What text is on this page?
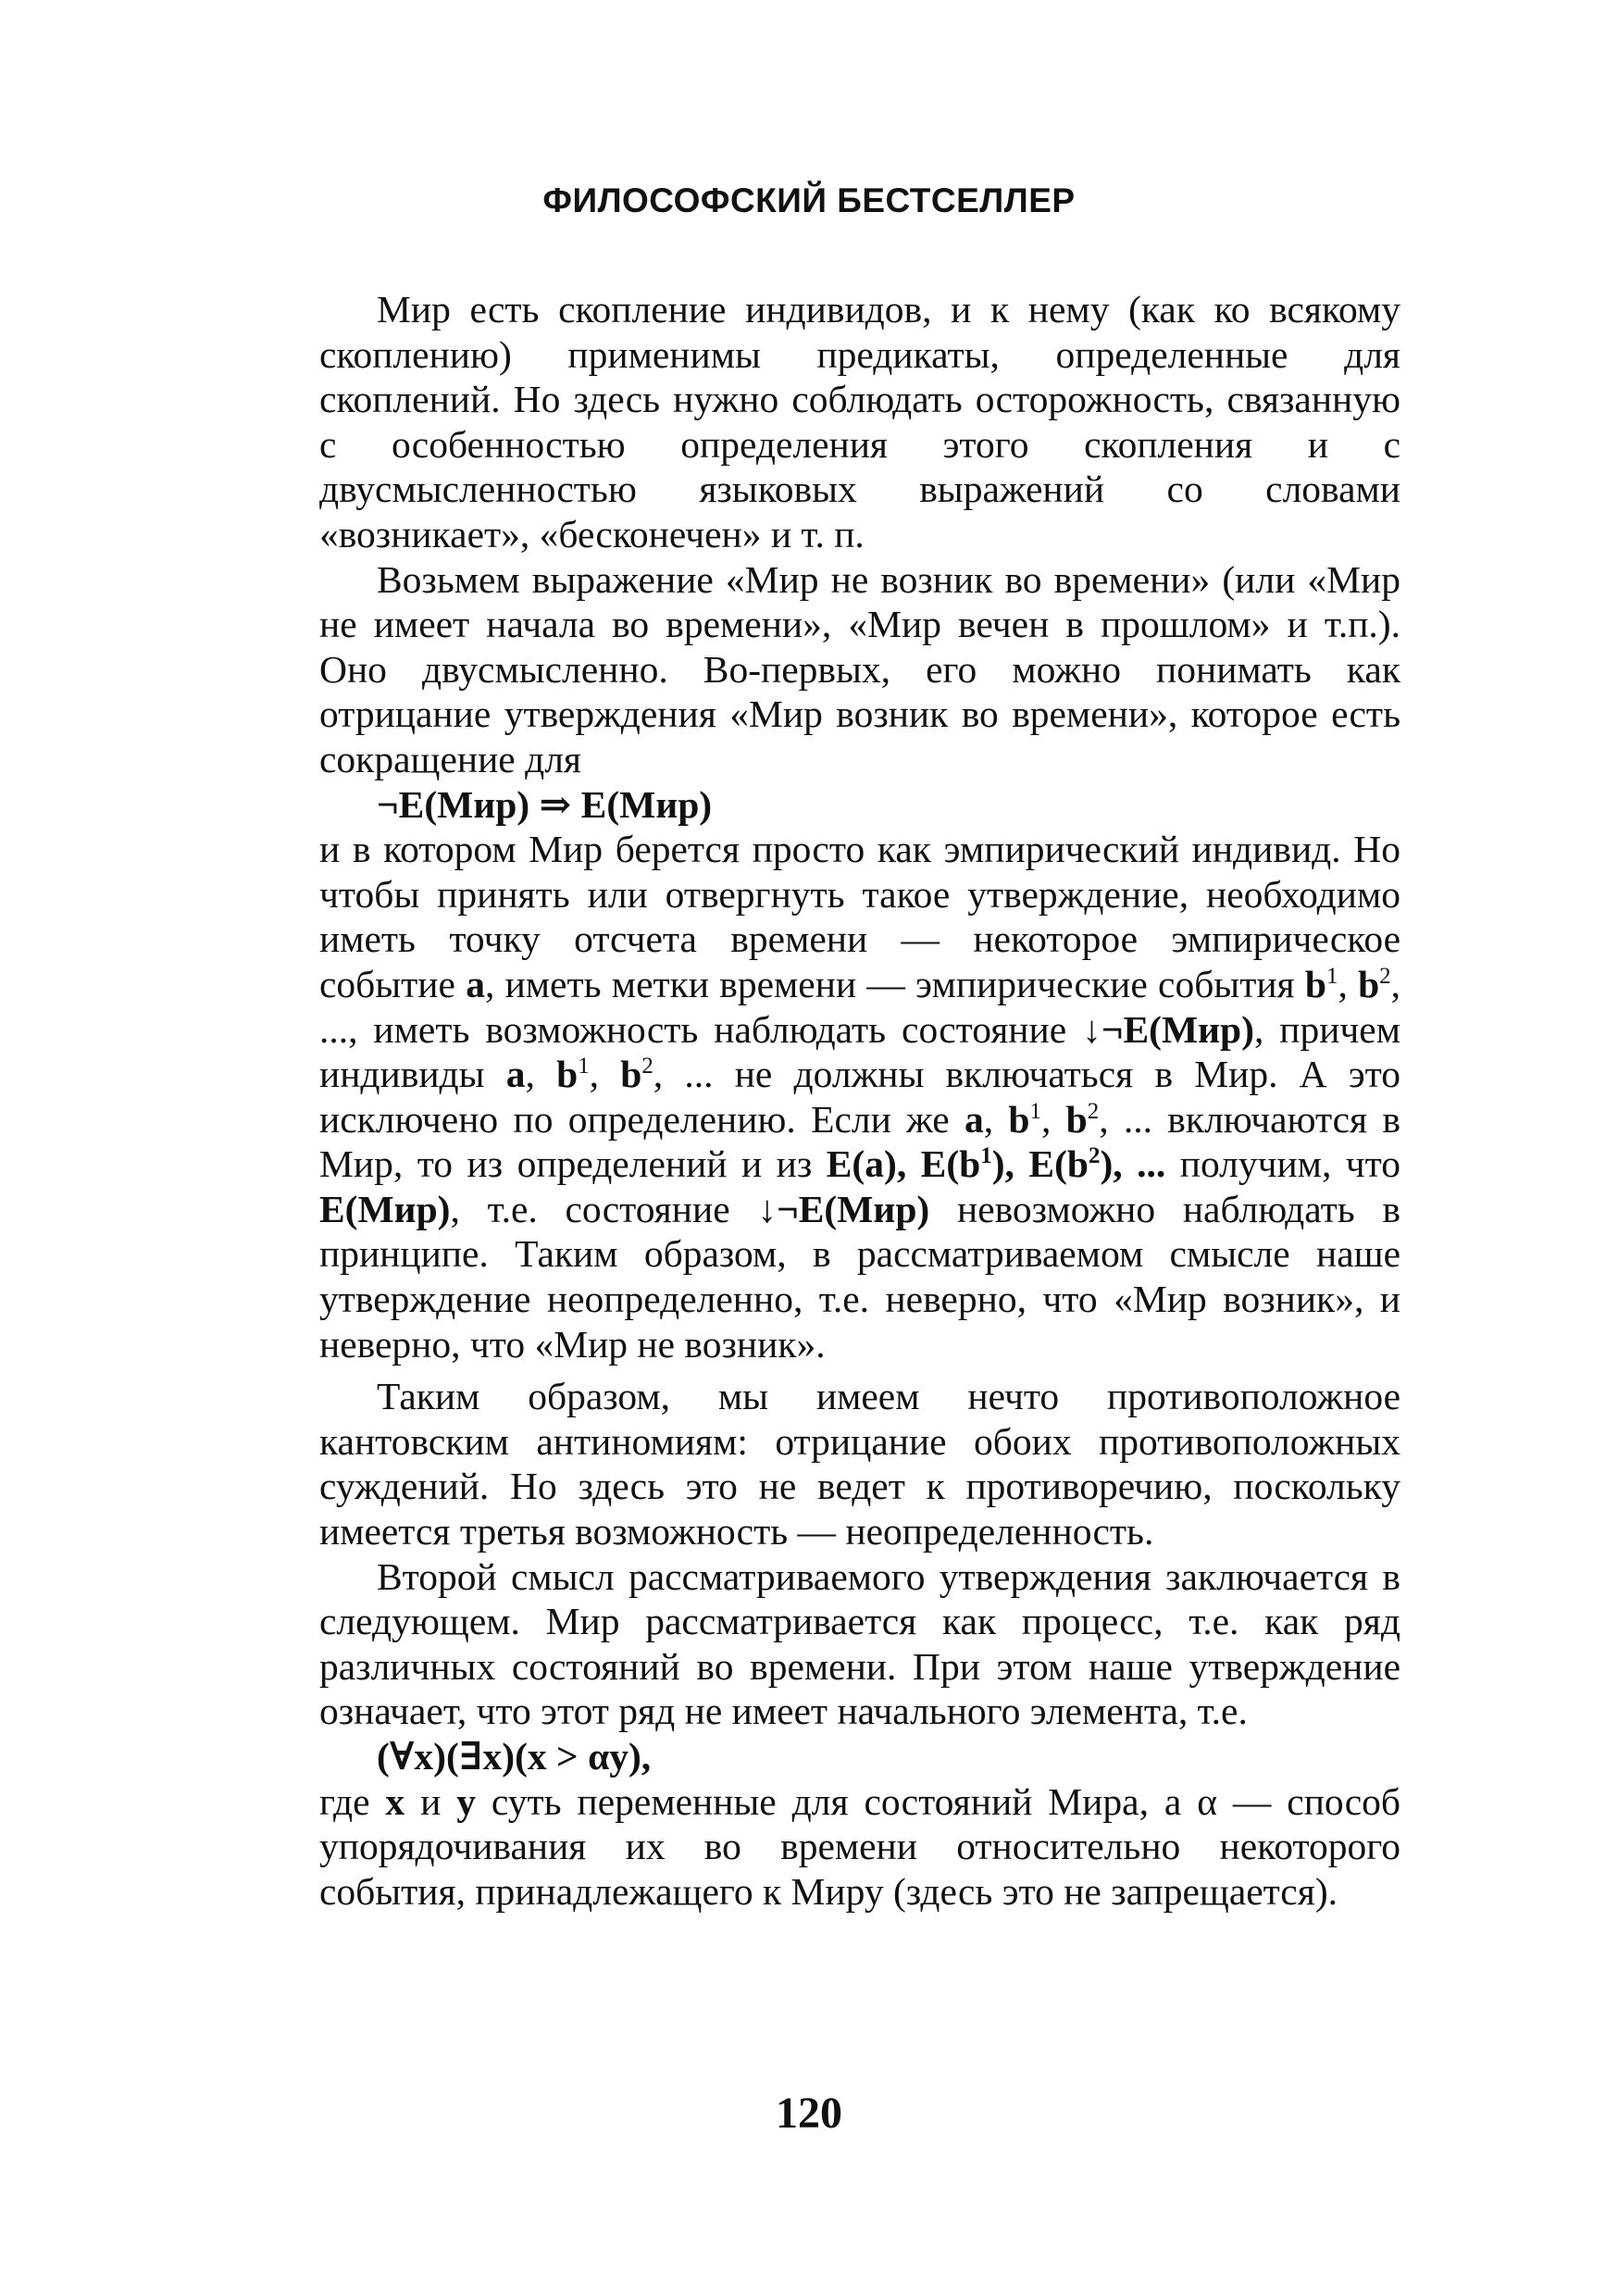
ФИЛОСОФСКИЙ БЕСТСЕЛЛЕР

Мир есть скопление индивидов, и к нему (как ко всякому скоплению) применимы предикаты, определенные для скоплений. Но здесь нужно соблюдать осторожность, связанную с особенностью определения этого скопления и с двусмысленностью языковых выражений со словами «возникает», «бесконечен» и т. п.

Возьмем выражение «Мир не возник во времени» (или «Мир не имеет начала во времени», «Мир вечен в прошлом» и т.п.). Оно двусмысленно. Во-первых, его можно понимать как отрицание утверждения «Мир возник во времени», которое есть сокращение для

¬E(Мир) ⇒ E(Мир)

и в котором Мир берется просто как эмпирический индивид. Но чтобы принять или отвергнуть такое утверждение, необходимо иметь точку отсчета времени — некоторое эмпирическое событие a, иметь метки времени — эмпирические события $b^1$, $b^2$, ..., иметь возможность наблюдать состояние ↓¬E(Мир), причем индивиды a, $b^1$, $b^2$, ... не должны включаться в Мир. А это исключено по определению. Если же a, $b^1$, $b^2$, ... включаются в Мир, то из определений и из E(a), $E(b^1)$, $E(b^2)$, ... получим, что E(Мир), т.е. состояние ↓¬E(Мир) невозможно наблюдать в принципе. Таким образом, в рассматриваемом смысле наше утверждение неопределенно, т.е. неверно, что «Мир возник», и неверно, что «Мир не возник».

Таким образом, мы имеем нечто противоположное кантовским антиномиям: отрицание обоих противоположных суждений. Но здесь это не ведет к противоречию, поскольку имеется третья возможность — неопределенность.

Второй смысл рассматриваемого утверждения заключается в следующем. Мир рассматривается как процесс, т.е. как ряд различных состояний во времени. При этом наше утверждение означает, что этот ряд не имеет начального элемента, т.е.

(∀x)(∃x)(x > αy),

где x и y суть переменные для состояний Мира, а α — способ упорядочивания их во времени относительно некоторого события, принадлежащего к Миру (здесь это не запрещается).

120
